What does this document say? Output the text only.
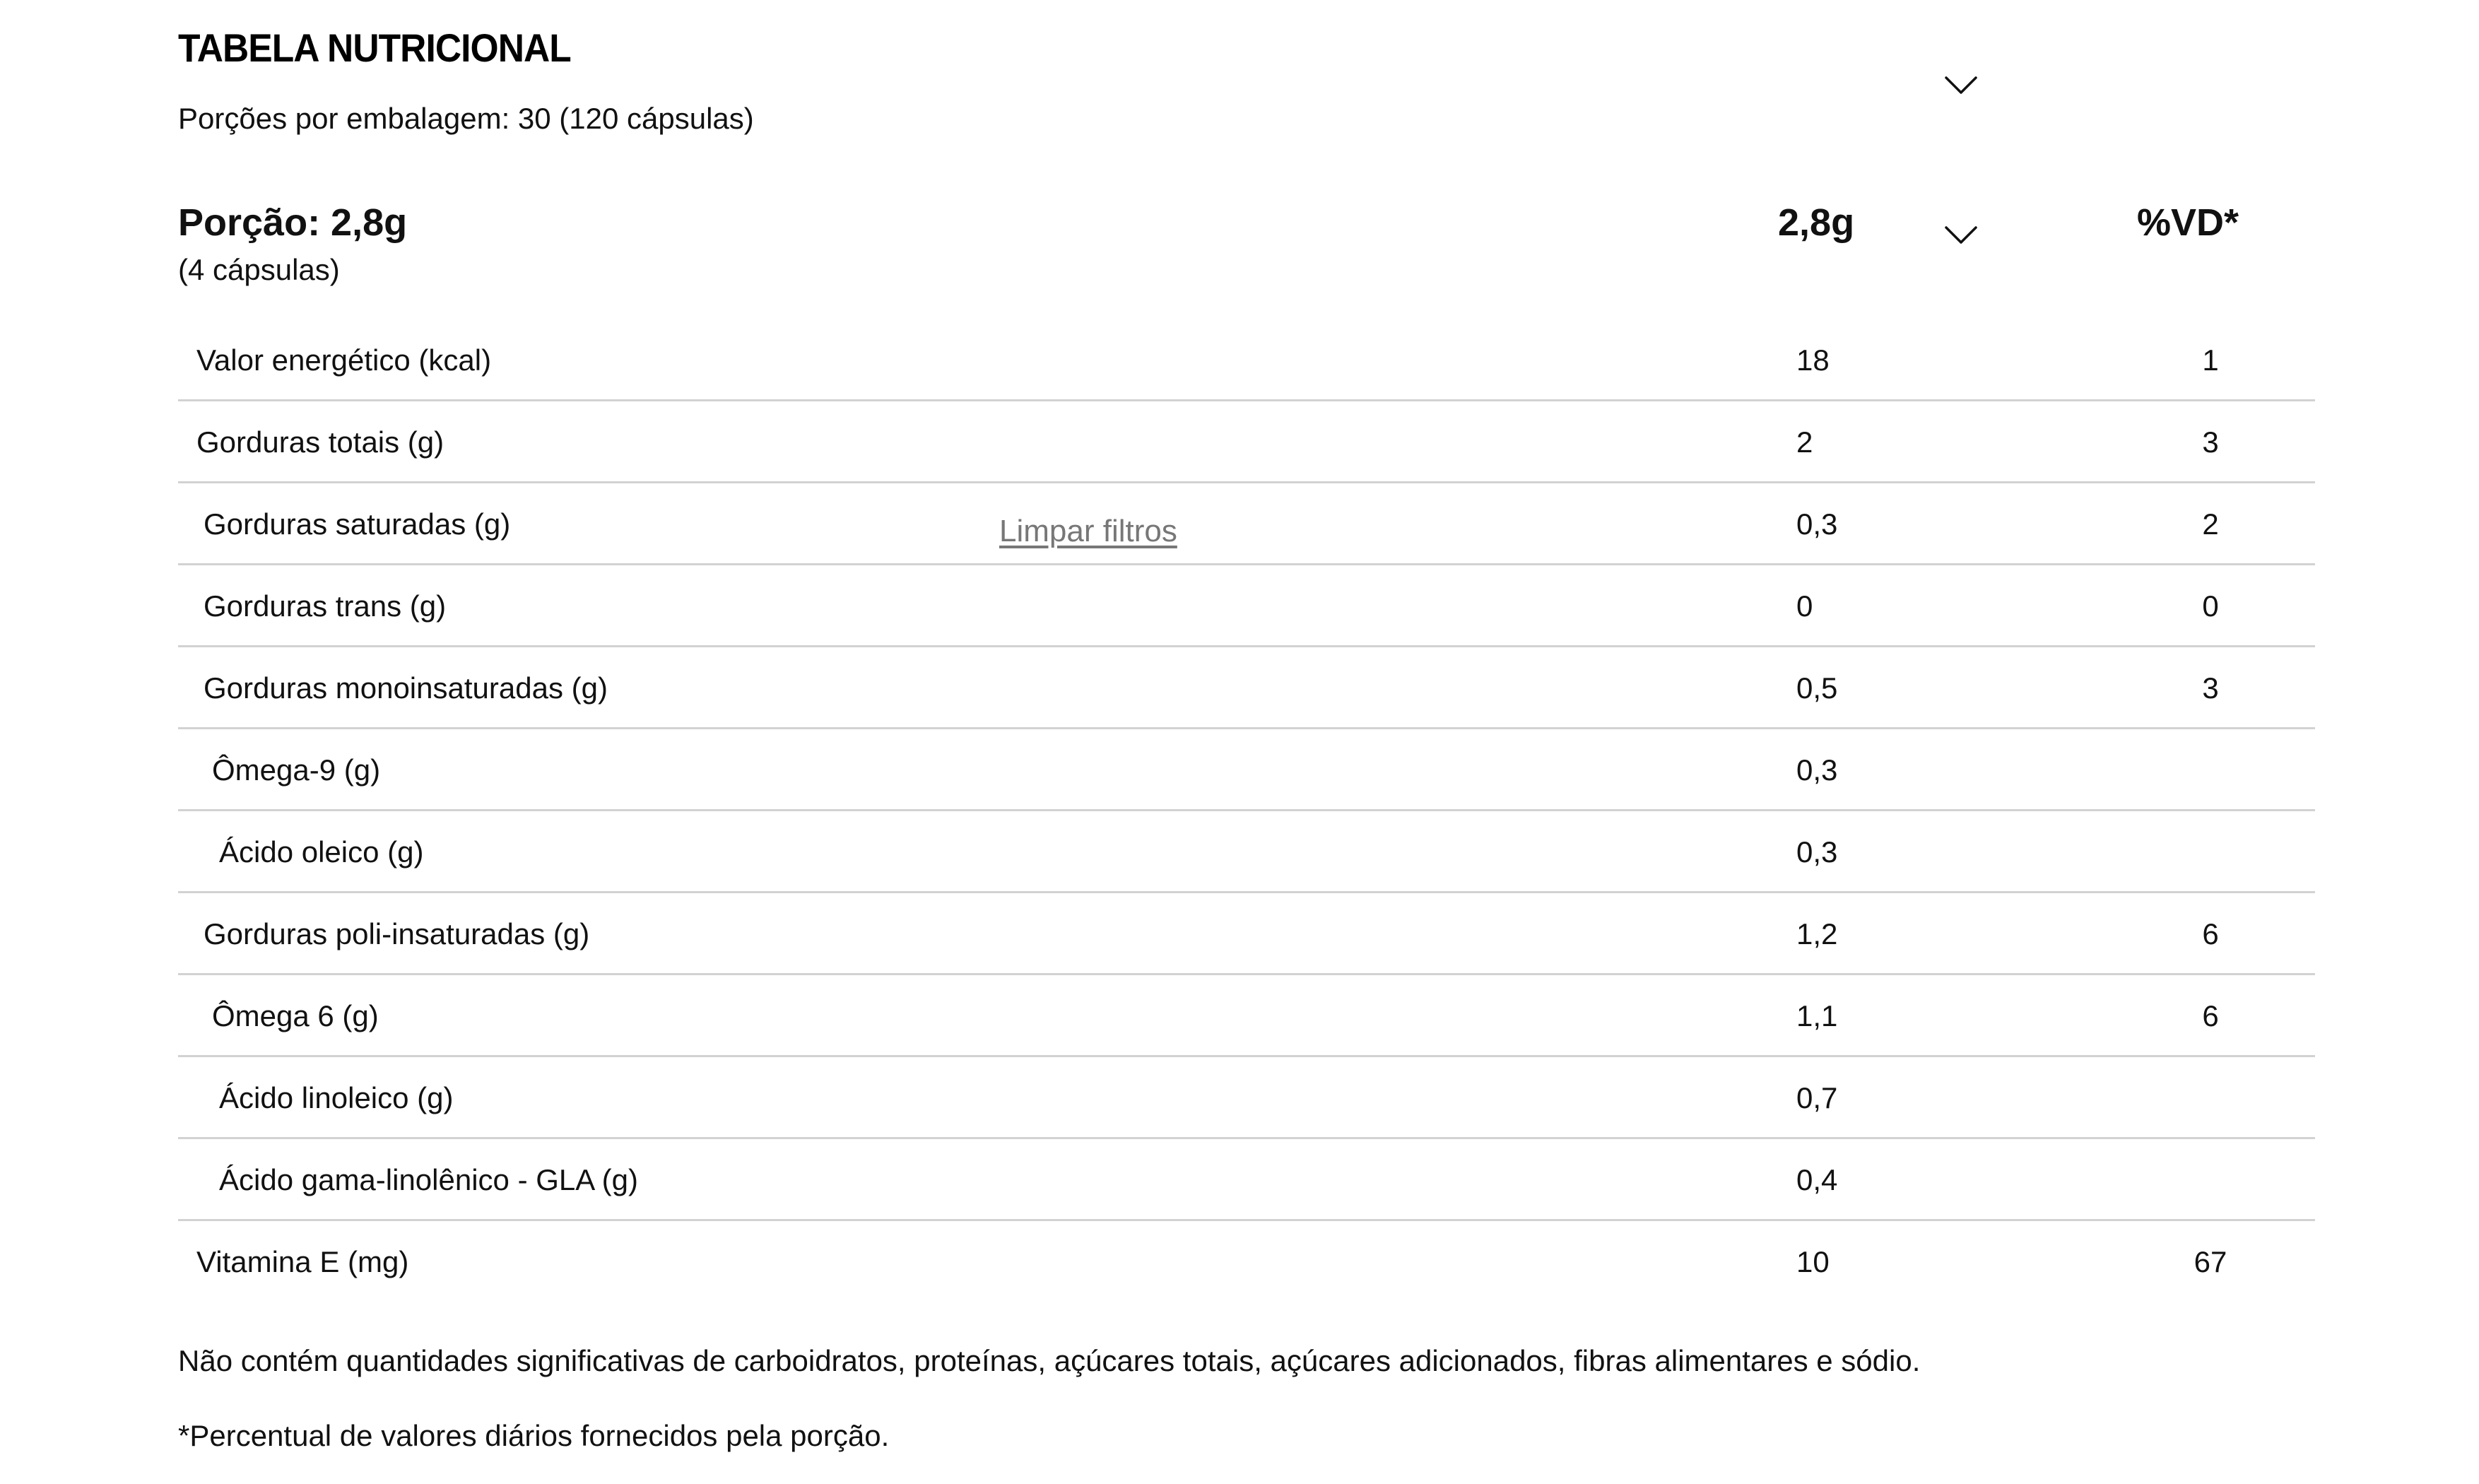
TABELA NUTRICIONAL
Porções por embalagem: 30 (120 cápsulas)
Porção: 2,8g
(4 cápsulas)
2,8g	%VD*
Valor energético (kcal)	18	1
Gorduras totais (g)	2	3
Gorduras saturadas (g)	0,3	2
Gorduras trans (g)	0	0
Gorduras monoinsaturadas (g)	0,5	3
Ômega-9 (g)	0,3
Ácido oleico (g)	0,3
Gorduras poli-insaturadas (g)	1,2	6
Ômega 6 (g)	1,1	6
Ácido linoleico (g)	0,7
Ácido gama-linolênico - GLA (g)	0,4
Vitamina E (mg)	10	67
Limpar filtros
Não contém quantidades significativas de carboidratos, proteínas, açúcares totais, açúcares adicionados, fibras alimentares e sódio.
*Percentual de valores diários fornecidos pela porção.
